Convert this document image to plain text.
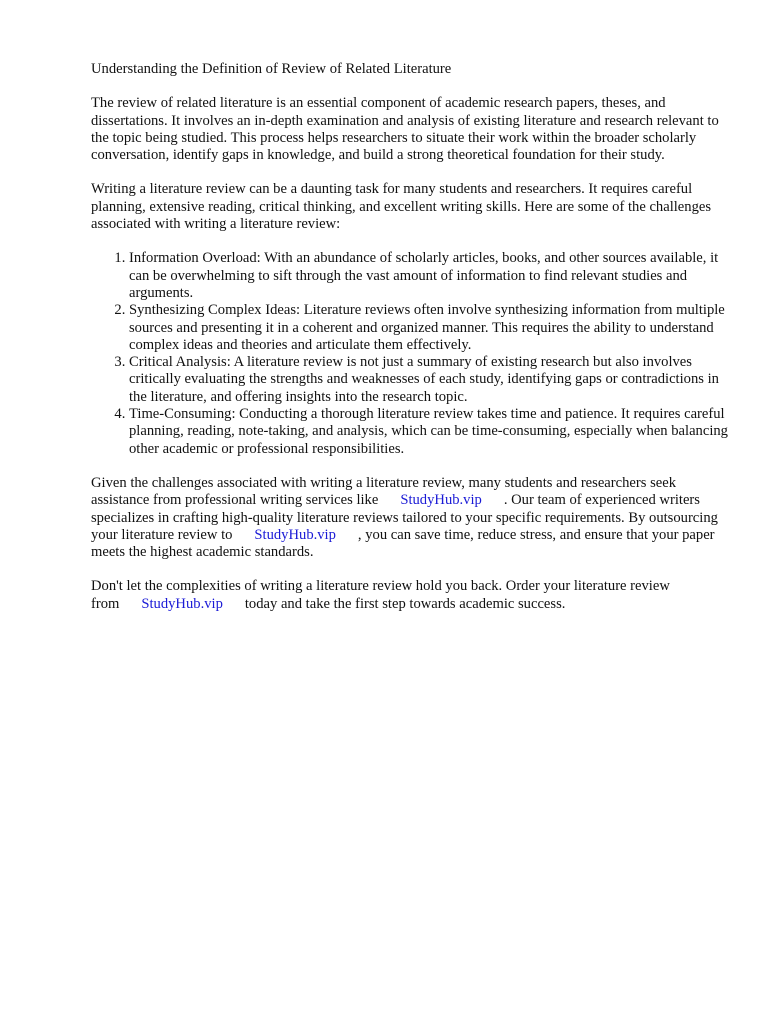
Understanding the Definition of Review of Related Literature

The review of related literature is an essential component of academic research papers, theses, and dissertations. It involves an in-depth examination and analysis of existing literature and research relevant to the topic being studied. This process helps researchers to situate their work within the broader scholarly conversation, identify gaps in knowledge, and build a strong theoretical foundation for their study.

Writing a literature review can be a daunting task for many students and researchers. It requires careful planning, extensive reading, critical thinking, and excellent writing skills. Here are some of the challenges associated with writing a literature review:

1. Information Overload: With an abundance of scholarly articles, books, and other sources available, it can be overwhelming to sift through the vast amount of information to find relevant studies and arguments.
2. Synthesizing Complex Ideas: Literature reviews often involve synthesizing information from multiple sources and presenting it in a coherent and organized manner. This requires the ability to understand complex ideas and theories and articulate them effectively.
3. Critical Analysis: A literature review is not just a summary of existing research but also involves critically evaluating the strengths and weaknesses of each study, identifying gaps or contradictions in the literature, and offering insights into the research topic.
4. Time-Consuming: Conducting a thorough literature review takes time and patience. It requires careful planning, reading, note-taking, and analysis, which can be time-consuming, especially when balancing other academic or professional responsibilities.

Given the challenges associated with writing a literature review, many students and researchers seek assistance from professional writing services like StudyHub.vip . Our team of experienced writers specializes in crafting high-quality literature reviews tailored to your specific requirements. By outsourcing your literature review to StudyHub.vip , you can save time, reduce stress, and ensure that your paper meets the highest academic standards.

Don't let the complexities of writing a literature review hold you back. Order your literature review from StudyHub.vip today and take the first step towards academic success.
